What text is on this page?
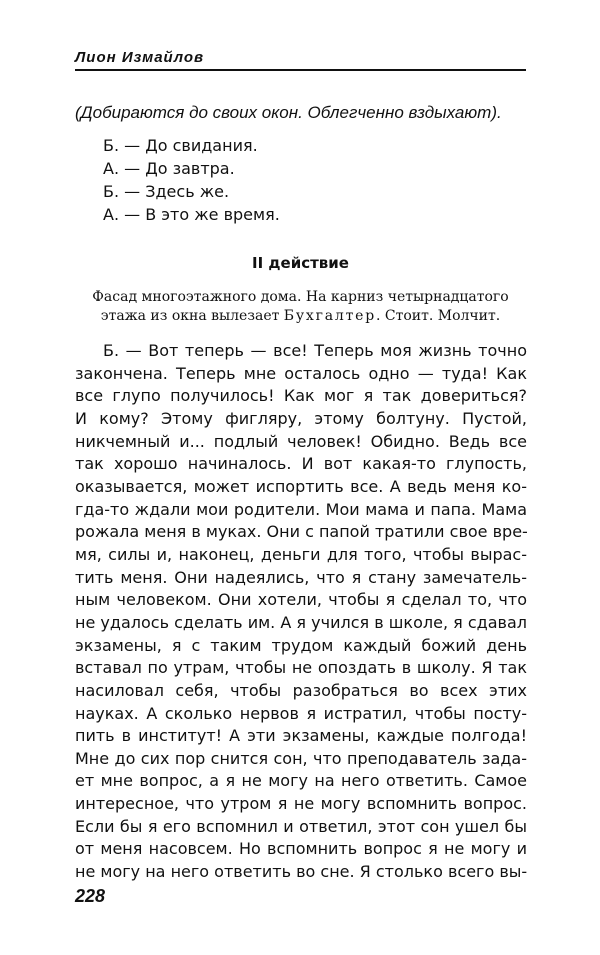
Лион Измайлов
(Добираются до своих окон. Облегченно вздыхают).
Б. — До свидания.
А. — До завтра.
Б. — Здесь же.
А. — В это же время.
II действие
Фасад многоэтажного дома. На карниз четырнадцатого
этажа из окна вылезает Бухгалтер. Стоит. Молчит.
Б. — Вот теперь — все! Теперь моя жизнь точно
закончена. Теперь мне осталось одно — туда! Как
все глупо получилось! Как мог я так довериться?
И кому? Этому фигляру, этому болтуну. Пустой,
никчемный и... подлый человек! Обидно. Ведь все
так хорошо начиналось. И вот какая-то глупость,
оказывается, может испортить все. А ведь меня ко-
гда-то ждали мои родители. Мои мама и папа. Мама
рожала меня в муках. Они с папой тратили свое вре-
мя, силы и, наконец, деньги для того, чтобы вырас-
тить меня. Они надеялись, что я стану замечатель-
ным человеком. Они хотели, чтобы я сделал то, что
не удалось сделать им. А я учился в школе, я сдавал
экзамены, я с таким трудом каждый божий день
вставал по утрам, чтобы не опоздать в школу. Я так
насиловал себя, чтобы разобраться во всех этих
науках. А сколько нервов я истратил, чтобы посту-
пить в институт! А эти экзамены, каждые полгода!
Мне до сих пор снится сон, что преподаватель зада-
ет мне вопрос, а я не могу на него ответить. Самое
интересное, что утром я не могу вспомнить вопрос.
Если бы я его вспомнил и ответил, этот сон ушел бы
от меня насовсем. Но вспомнить вопрос я не могу и
не могу на него ответить во сне. Я столько всего вы-
228
